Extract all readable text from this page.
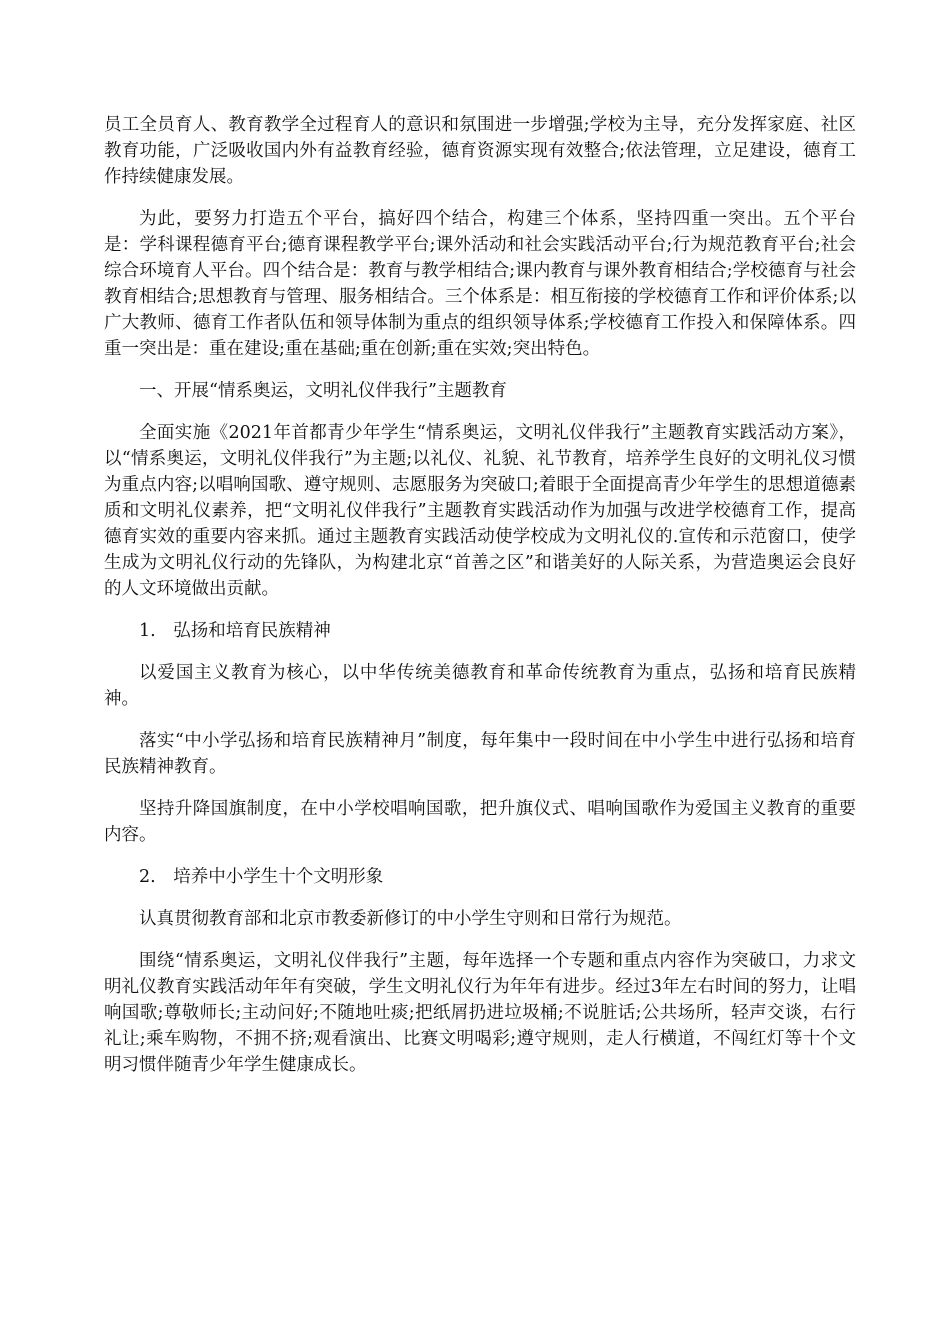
员工全员育人、教育教学全过程育人的意识和氛围进一步增强;学校为主导，充分发挥家庭、社区教育功能，广泛吸收国内外有益教育经验，德育资源实现有效整合;依法管理，立足建设，德育工作持续健康发展。

为此，要努力打造五个平台，搞好四个结合，构建三个体系，坚持四重一突出。五个平台是：学科课程德育平台;德育课程教学平台;课外活动和社会实践活动平台;行为规范教育平台;社会综合环境育人平台。四个结合是：教育与教学相结合;课内教育与课外教育相结合;学校德育与社会教育相结合;思想教育与管理、服务相结合。三个体系是：相互衔接的学校德育工作和评价体系;以广大教师、德育工作者队伍和领导体制为重点的组织领导体系;学校德育工作投入和保障体系。四重一突出是：重在建设;重在基础;重在创新;重在实效;突出特色。

一、开展“情系奥运，文明礼仪伴我行”主题教育

全面实施《2021年首都青少年学生“情系奥运，文明礼仪伴我行”主题教育实践活动方案》，以“情系奥运，文明礼仪伴我行”为主题;以礼仪、礼貌、礼节教育，培养学生良好的文明礼仪习惯为重点内容;以唱响国歌、遵守规则、志愿服务为突破口;着眼于全面提高青少年学生的思想道德素质和文明礼仪素养，把“文明礼仪伴我行”主题教育实践活动作为加强与改进学校德育工作，提高德育实效的重要内容来抓。通过主题教育实践活动使学校成为文明礼仪的.宣传和示范窗口，使学生成为文明礼仪行动的先锋队，为构建北京“首善之区”和谐美好的人际关系，为营造奥运会良好的人文环境做出贡献。

1.　弘扬和培育民族精神

以爱国主义教育为核心，以中华传统美德教育和革命传统教育为重点，弘扬和培育民族精神。

落实“中小学弘扬和培育民族精神月”制度，每年集中一段时间在中小学生中进行弘扬和培育民族精神教育。

坚持升降国旗制度，在中小学校唱响国歌，把升旗仪式、唱响国歌作为爱国主义教育的重要内容。

2.　培养中小学生十个文明形象

认真贯彻教育部和北京市教委新修订的中小学生守则和日常行为规范。

围绕“情系奥运，文明礼仪伴我行”主题，每年选择一个专题和重点内容作为突破口，力求文明礼仪教育实践活动年年有突破，学生文明礼仪行为年年有进步。经过3年左右时间的努力，让唱响国歌;尊敬师长;主动问好;不随地吐痰;把纸屑扔进垃圾桶;不说脏话;公共场所，轻声交谈，右行礼让;乘车购物，不拥不挤;观看演出、比赛文明喝彩;遵守规则，走人行横道，不闯红灯等十个文明习惯伴随青少年学生健康成长。
